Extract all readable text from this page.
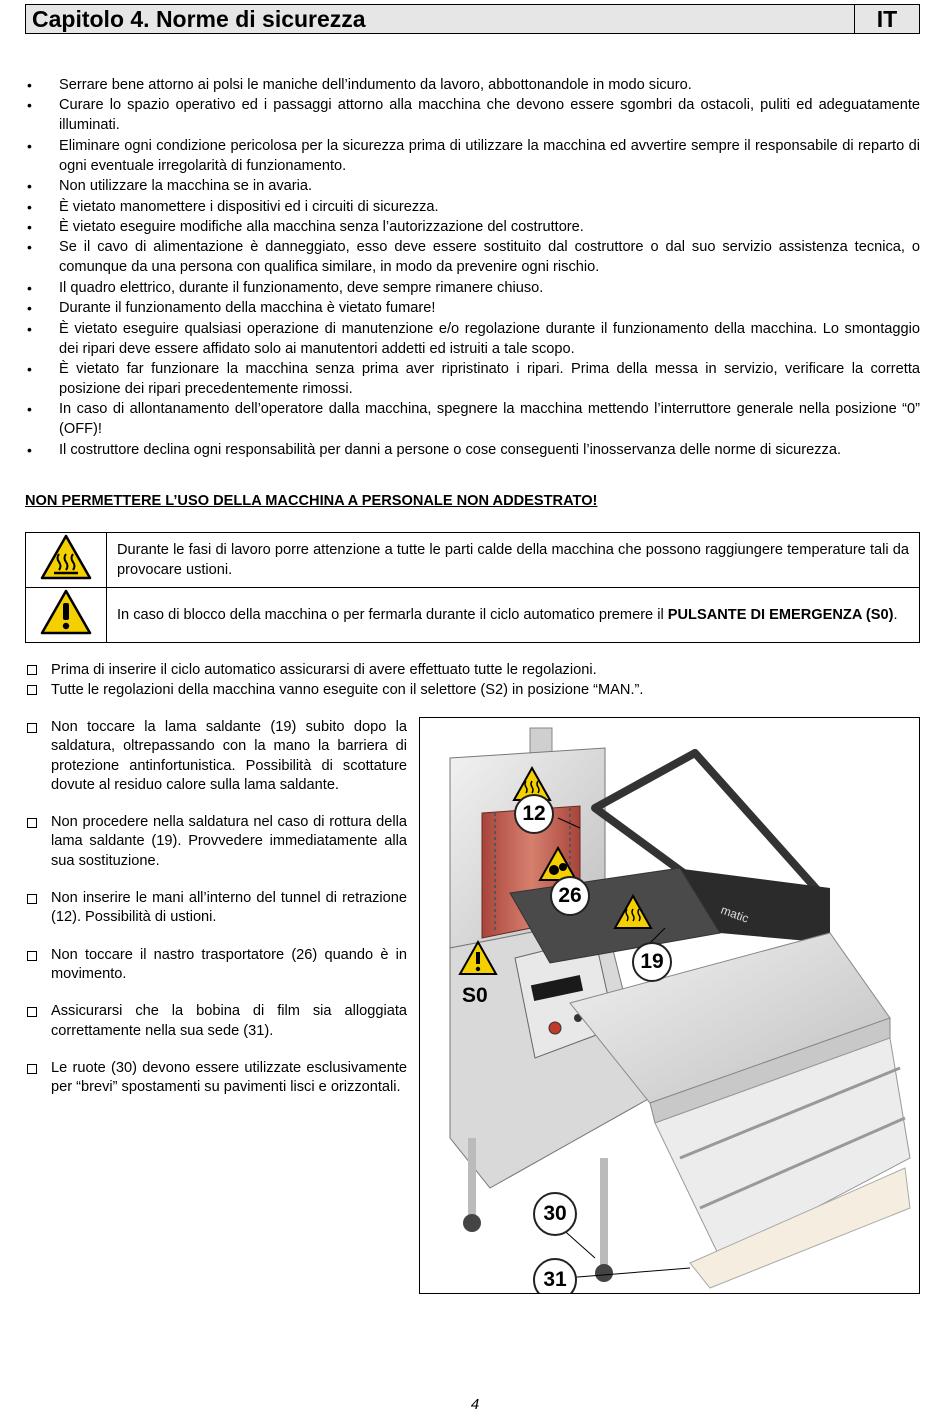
Capitolo 4. Norme di sicurezza	IT
• Serrare bene attorno ai polsi le maniche dell’indumento da lavoro, abbottonandole in modo sicuro.
• Curare lo spazio operativo ed i passaggi attorno alla macchina che devono essere sgombri da ostacoli, puliti ed adeguatamente illuminati.
• Eliminare ogni condizione pericolosa per la sicurezza prima di utilizzare la macchina ed avvertire sempre il responsabile di reparto di ogni eventuale irregolarità di funzionamento.
• Non utilizzare la macchina se in avaria.
• È vietato manomettere i dispositivi ed i circuiti di sicurezza.
• È vietato eseguire modifiche alla macchina senza l’autorizzazione del costruttore.
• Se il cavo di alimentazione è danneggiato, esso deve essere sostituito dal costruttore o dal suo servizio assistenza tecnica, o comunque da una persona con qualifica similare, in modo da prevenire ogni rischio.
• Il quadro elettrico, durante il funzionamento, deve sempre rimanere chiuso.
• Durante il funzionamento della macchina è vietato fumare!
• È vietato eseguire qualsiasi operazione di manutenzione e/o regolazione durante il funzionamento della macchina. Lo smontaggio dei ripari deve essere affidato solo ai manutentori addetti ed istruiti a tale scopo.
• È vietato far funzionare la macchina senza prima aver ripristinato i ripari. Prima della messa in servizio, verificare la corretta posizione dei ripari precedentemente rimossi.
• In caso di allontanamento dell’operatore dalla macchina, spegnere la macchina mettendo l’interruttore generale nella posizione “0” (OFF)!
• Il costruttore declina ogni responsabilità per danni a persone o cose conseguenti l’inosservanza delle norme di sicurezza.
NON PERMETTERE L’USO DELLA MACCHINA A PERSONALE NON ADDESTRATO!
	Durante le fasi di lavoro porre attenzione a tutte le parti calde della macchina che possono raggiungere temperature tali da provocare ustioni.
	In caso di blocco della macchina o per fermarla durante il ciclo automatico premere il PULSANTE DI EMERGENZA (S0).
Prima di inserire il ciclo automatico assicurarsi di avere effettuato tutte le regolazioni.
Tutte le regolazioni della macchina vanno eseguite con il selettore (S2) in posizione “MAN.”.
Non toccare la lama saldante (19) subito dopo la saldatura, oltrepassando con la mano la barriera di protezione antinfortunistica. Possibilità di scottature dovute al residuo calore sulla lama saldante.
Non procedere nella saldatura nel caso di rottura della lama saldante (19). Provvedere immediatamente alla sua sostituzione.
Non inserire le mani all’interno del tunnel di retrazione (12). Possibilità di ustioni.
Non toccare il nastro trasportatore (26) quando è in movimento.
Assicurarsi che la bobina di film sia alloggiata correttamente nella sua sede (31).
Le ruote (30) devono essere utilizzate esclusivamente per “brevi” spostamenti su pavimenti lisci e orizzontali.
matic
12
26
19
S0
30
31
4
